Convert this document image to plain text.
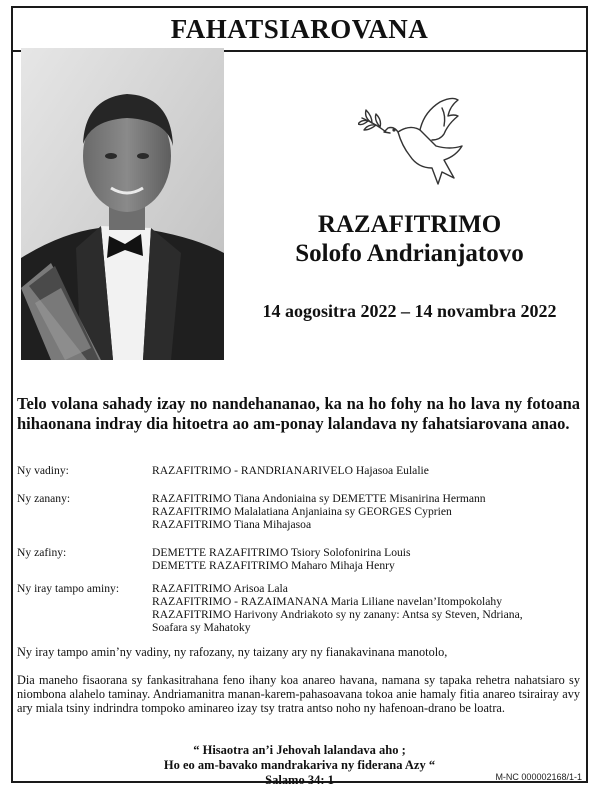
FAHATSIAROVANA
RAZAFITRIMO
Solofo Andrianjatovo
14 aogositra 2022 – 14 novambra 2022
Telo volana sahady izay no nandehananao, ka na ho fohy na ho lava ny fotoana hihaonana indray dia hitoetra ao am-ponay lalandava ny fahatsiarovana anao.
Ny vadiny:	RAZAFITRIMO - RANDRIANARIVELO Hajasoa Eulalie
Ny zanany:	RAZAFITRIMO Tiana Andoniaina sy DEMETTE Misanirina Hermann
RAZAFITRIMO Malalatiana Anjaniaina sy GEORGES Cyprien
RAZAFITRIMO Tiana Mihajasoa
Ny zafiny:	DEMETTE RAZAFITRIMO Tsiory Solofonirina Louis
DEMETTE RAZAFITRIMO Maharo Mihaja Henry
Ny iray tampo aminy:	RAZAFITRIMO Arisoa Lala
RAZAFITRIMO - RAZAIMANANA Maria Liliane navelan’Itompokolahy
RAZAFITRIMO Harivony Andriakoto sy ny zanany: Antsa sy Steven, Ndriana,
Soafara sy Mahatoky
Ny iray tampo amin’ny vadiny, ny rafozany, ny taizany ary ny fianakavinana manotolo,
Dia maneho fisaorana sy fankasitrahana feno ihany koa anareo havana, namana sy tapaka rehetra nahatsiaro sy niombona alahelo taminay. Andriamanitra manan-karem-pahasoavana tokoa anie hamaly fitia anareo tsirairay avy ary miala tsiny indrindra tompoko aminareo izay tsy tratra antso noho ny hafenoan-drano be loatra.
“ Hisaotra an’i Jehovah lalandava aho ;
Ho eo am-bavako mandrakariva ny fiderana Azy “
Salamo 34: 1	M-NC 000002168/1-1
